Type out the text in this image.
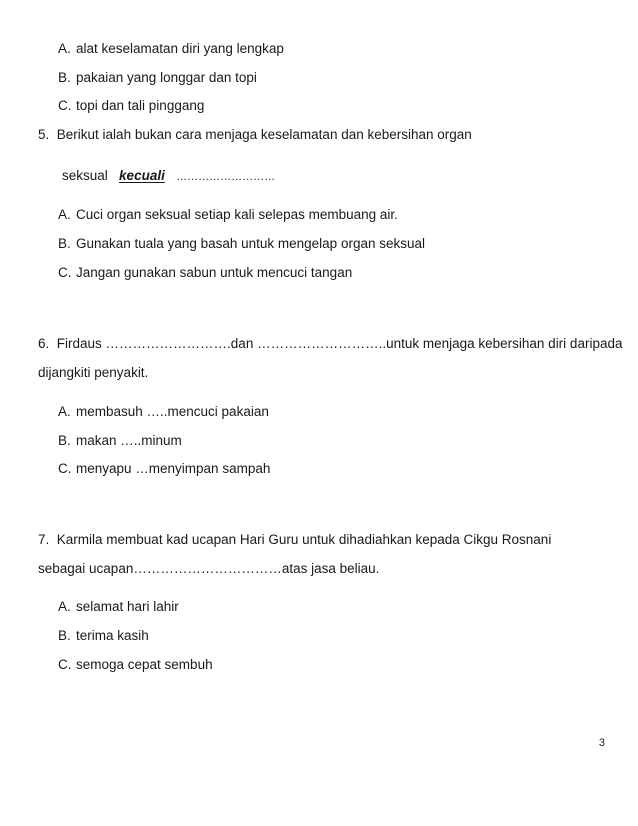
A. alat keselamatan diri yang lengkap
B. pakaian yang longgar dan topi
C. topi dan tali pinggang
5. Berikut ialah bukan cara menjaga keselamatan dan kebersihan organ
seksual kecuali ………………………
A. Cuci organ seksual setiap kali selepas membuang air.
B. Gunakan tuala yang basah untuk mengelap organ seksual
C. Jangan gunakan sabun untuk mencuci tangan
6. Firdaus ……………………….dan ………………………..untuk menjaga kebersihan diri daripada
dijangkiti penyakit.
A. membasuh …..mencuci pakaian
B. makan …..minum
C. menyapu …menyimpan sampah
7. Karmila membuat kad ucapan Hari Guru untuk dihadiahkan kepada Cikgu Rosnani
sebagai ucapan……………………………atas jasa beliau.
A. selamat hari lahir
B. terima kasih
C. semoga cepat sembuh
3
